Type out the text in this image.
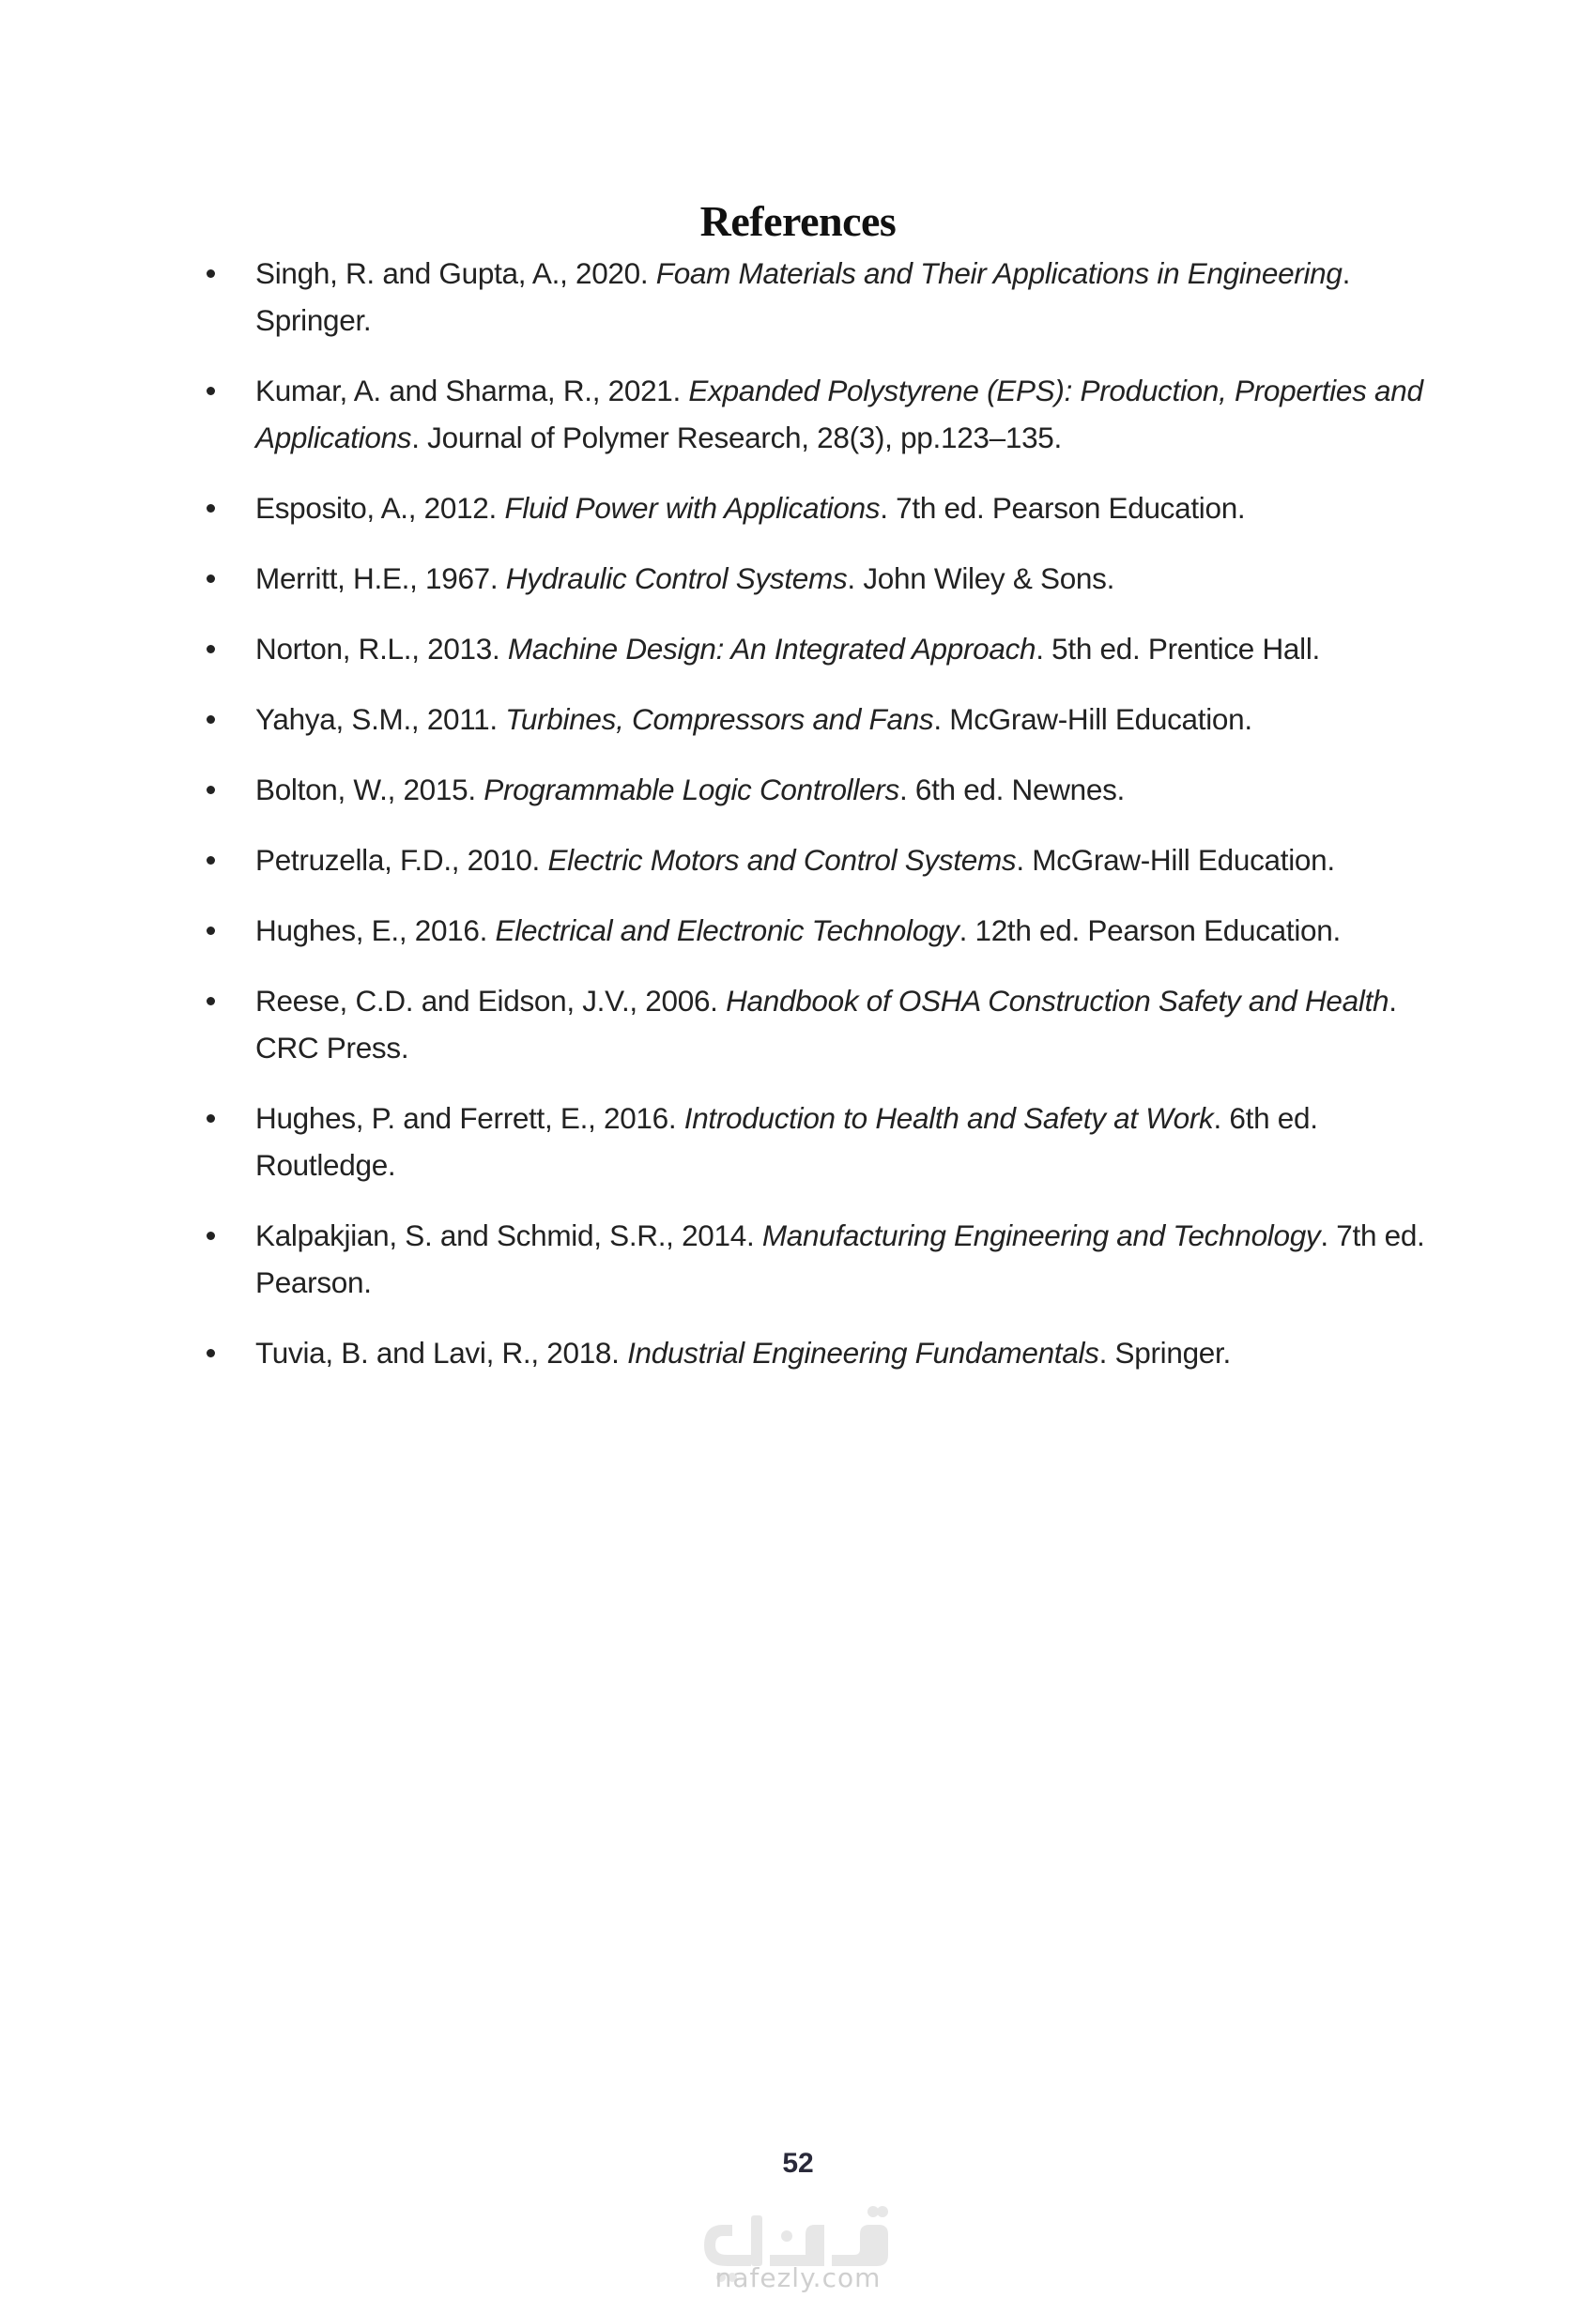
References
Singh, R. and Gupta, A., 2020. Foam Materials and Their Applications in Engineering. Springer.
Kumar, A. and Sharma, R., 2021. Expanded Polystyrene (EPS): Production, Properties and Applications. Journal of Polymer Research, 28(3), pp.123–135.
Esposito, A., 2012. Fluid Power with Applications. 7th ed. Pearson Education.
Merritt, H.E., 1967. Hydraulic Control Systems. John Wiley & Sons.
Norton, R.L., 2013. Machine Design: An Integrated Approach. 5th ed. Prentice Hall.
Yahya, S.M., 2011. Turbines, Compressors and Fans. McGraw-Hill Education.
Bolton, W., 2015. Programmable Logic Controllers. 6th ed. Newnes.
Petruzella, F.D., 2010. Electric Motors and Control Systems. McGraw-Hill Education.
Hughes, E., 2016. Electrical and Electronic Technology. 12th ed. Pearson Education.
Reese, C.D. and Eidson, J.V., 2006. Handbook of OSHA Construction Safety and Health. CRC Press.
Hughes, P. and Ferrett, E., 2016. Introduction to Health and Safety at Work. 6th ed. Routledge.
Kalpakjian, S. and Schmid, S.R., 2014. Manufacturing Engineering and Technology. 7th ed. Pearson.
Tuvia, B. and Lavi, R., 2018. Industrial Engineering Fundamentals. Springer.
52
nafezly.com
